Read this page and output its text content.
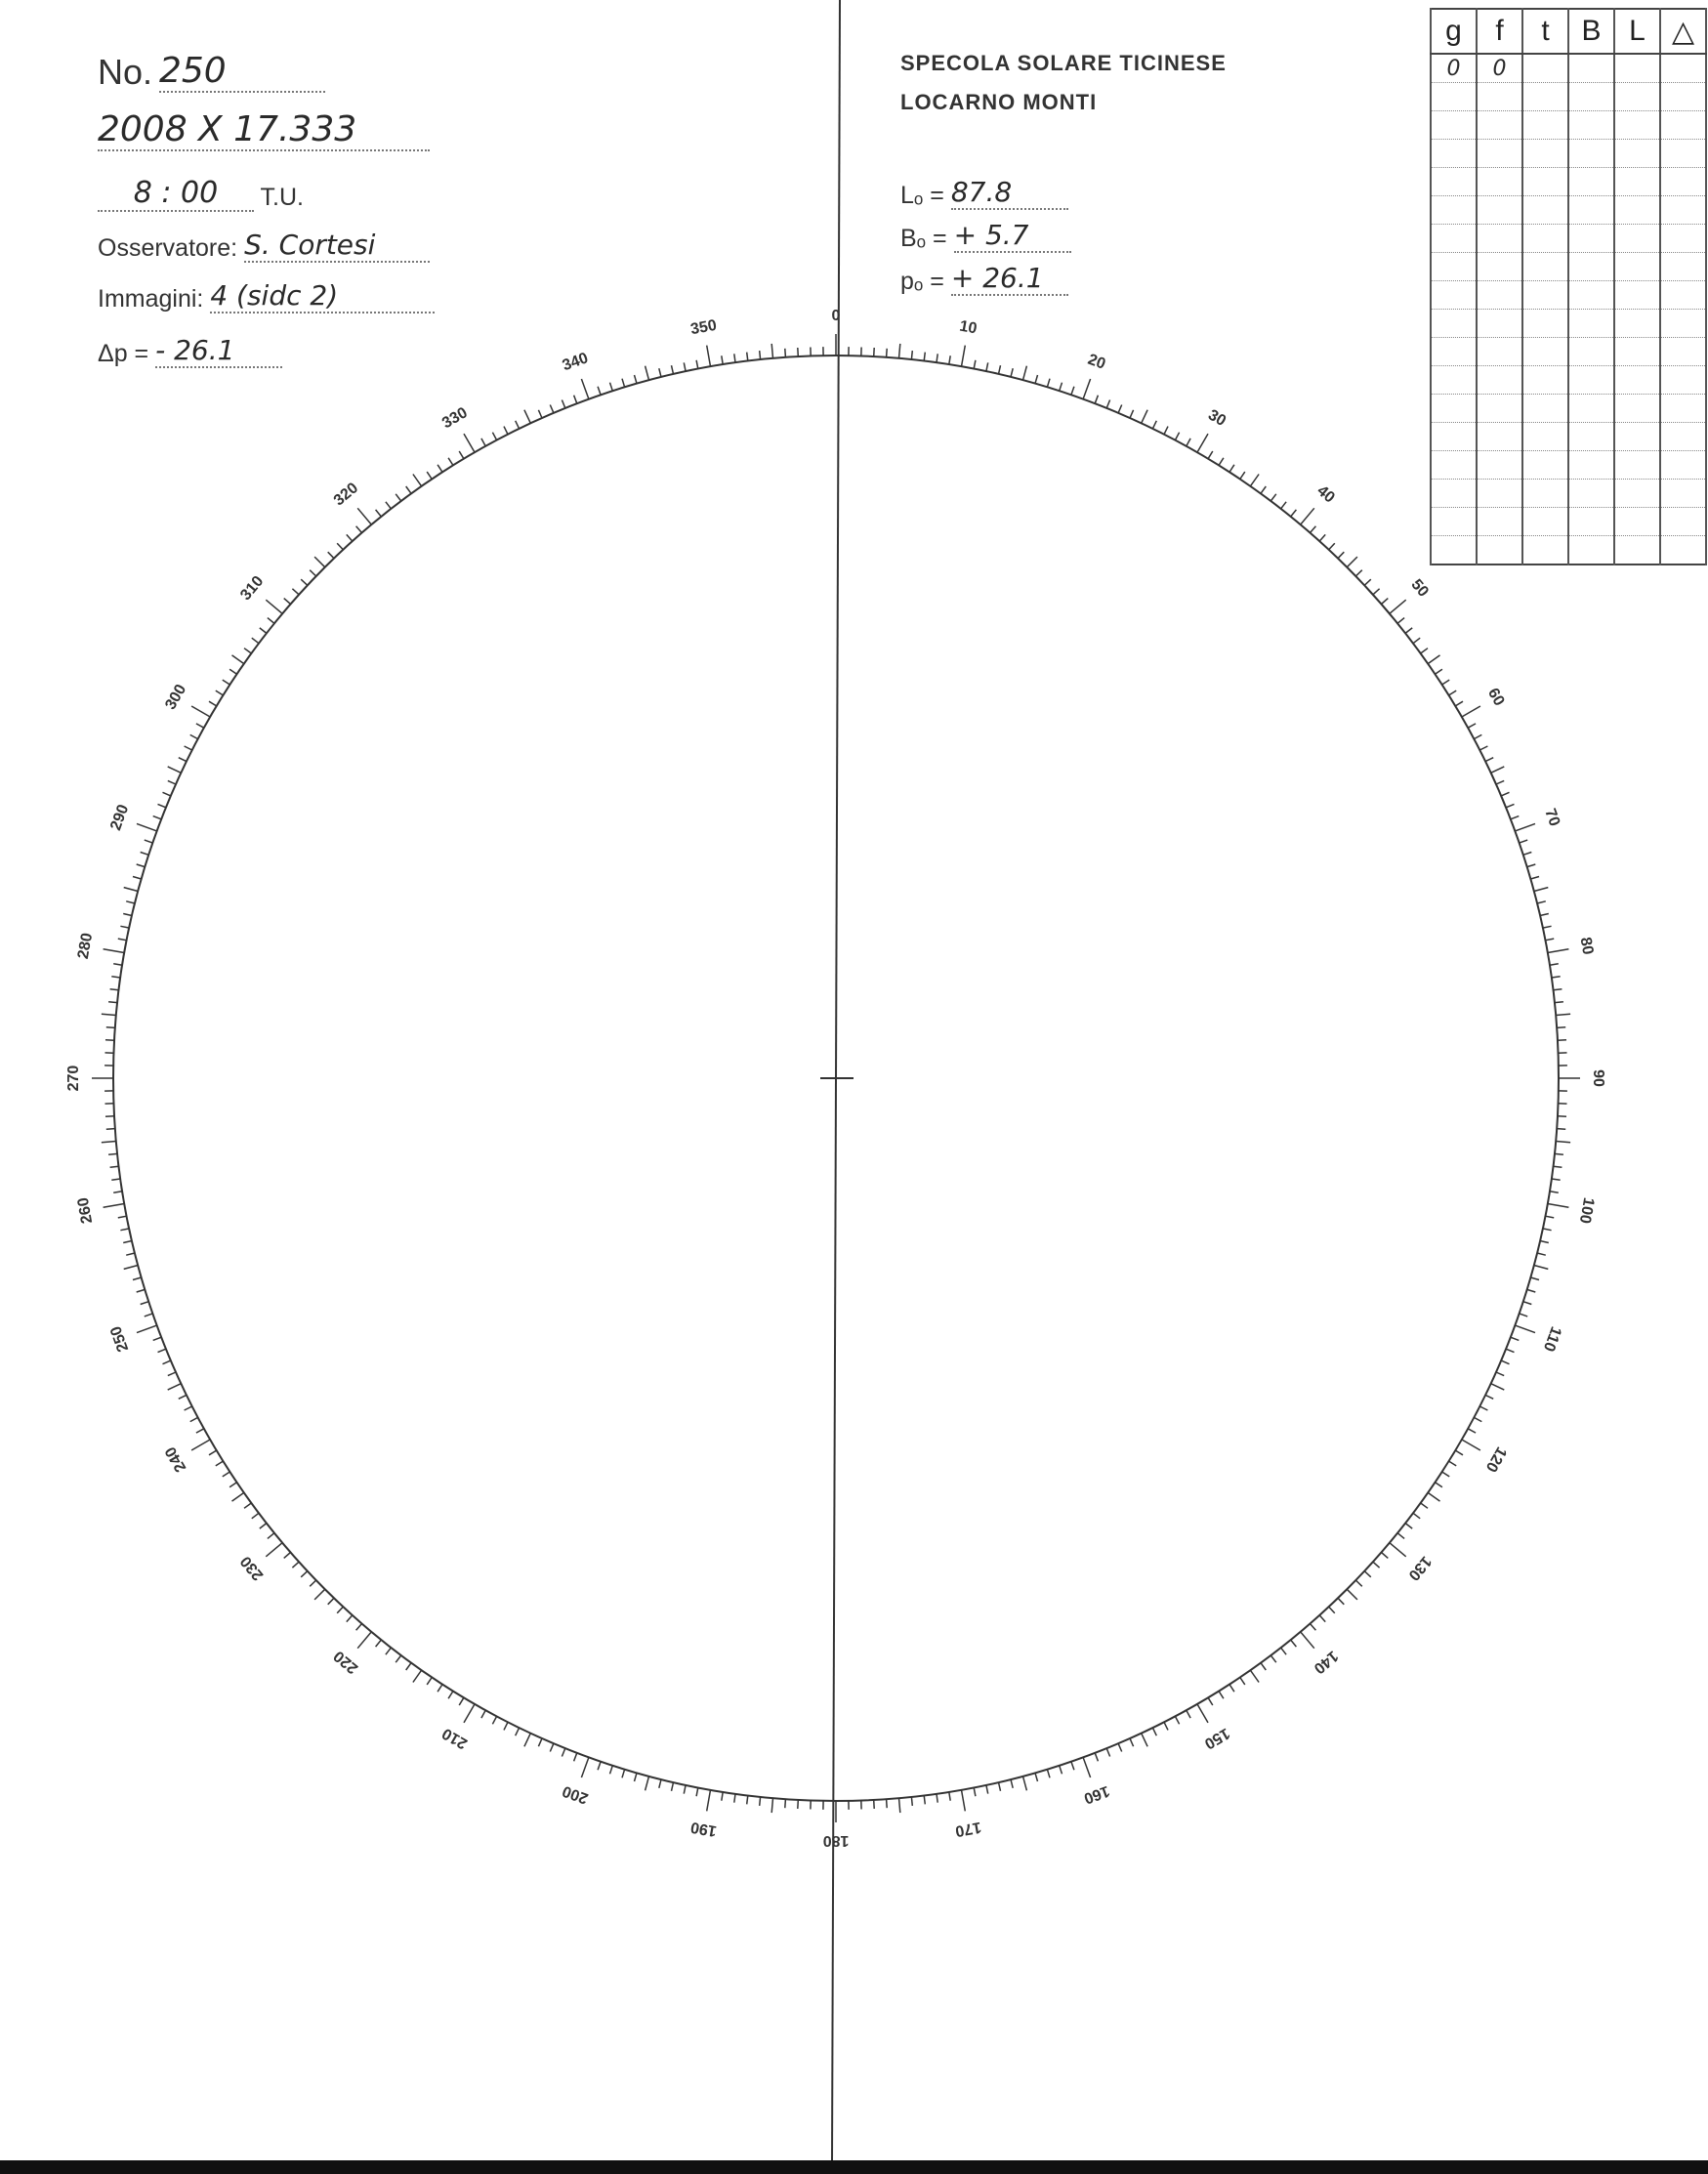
No. 250
2008 X 17.333
8 : 00 T.U.
Osservatore: S. Cortesi
Immagini: 4 (sidc 2)
Δp = - 26.1
SPECOLA SOLARE TICINESE
LOCARNO MONTI
Lₒ = 87.8
Bₒ = + 5.7
pₒ = + 26.1
g	f	t	B	L	△
0	0				

0
10
20
30
40
50
60
70
80
90
100
110
120
130
140
150
160
170
180
190
200
210
220
230
240
250
260
270
280
290
300
310
320
330
340
350
